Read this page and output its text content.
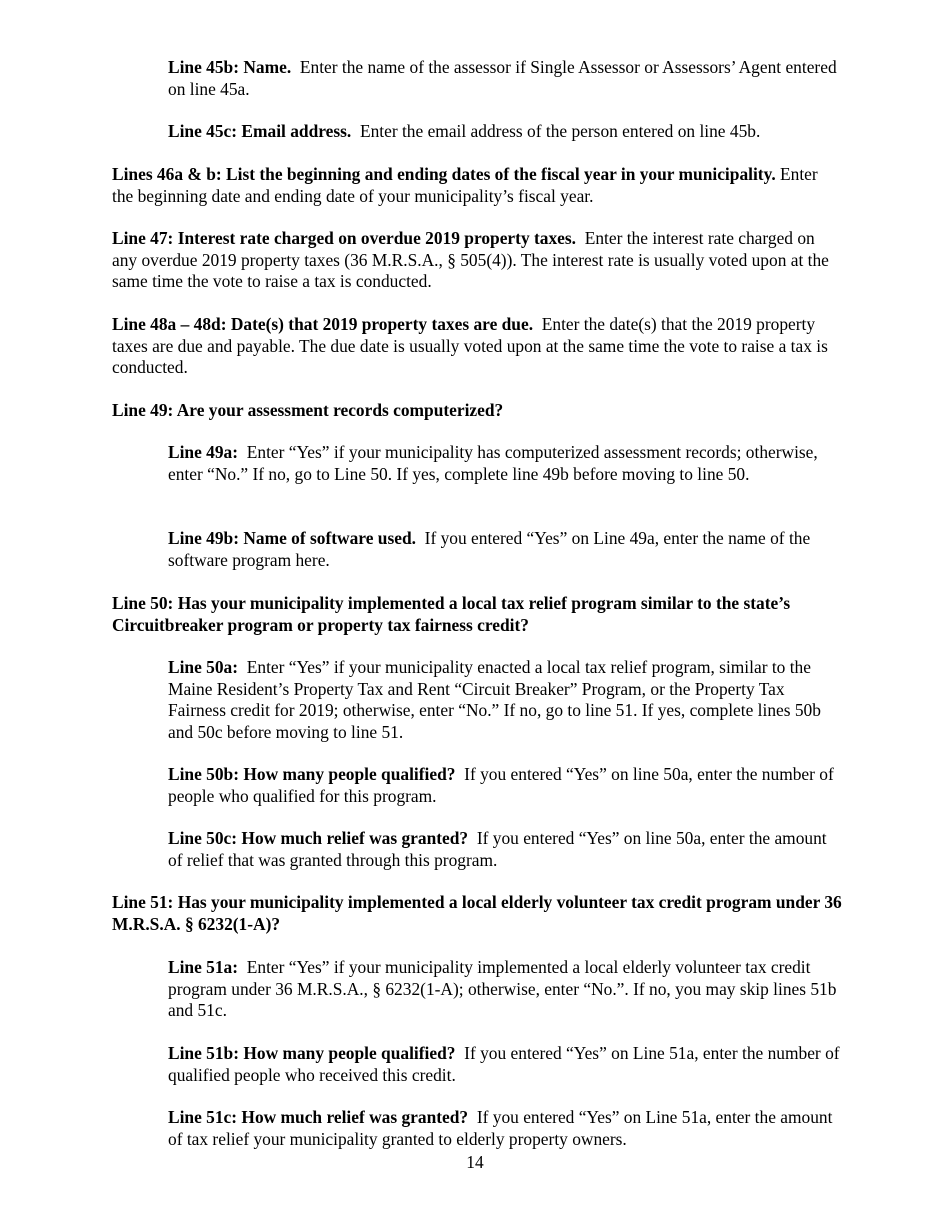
Line 45b: Name. Enter the name of the assessor if Single Assessor or Assessors’ Agent entered on line 45a.

Line 45c: Email address. Enter the email address of the person entered on line 45b.

Lines 46a & b: List the beginning and ending dates of the fiscal year in your municipality. Enter the beginning date and ending date of your municipality’s fiscal year.

Line 47: Interest rate charged on overdue 2019 property taxes. Enter the interest rate charged on any overdue 2019 property taxes (36 M.R.S.A., § 505(4)). The interest rate is usually voted upon at the same time the vote to raise a tax is conducted.

Line 48a – 48d: Date(s) that 2019 property taxes are due. Enter the date(s) that the 2019 property taxes are due and payable. The due date is usually voted upon at the same time the vote to raise a tax is conducted.

Line 49: Are your assessment records computerized?

Line 49a: Enter “Yes” if your municipality has computerized assessment records; otherwise, enter “No.” If no, go to Line 50. If yes, complete line 49b before moving to line 50.

Line 49b: Name of software used. If you entered “Yes” on Line 49a, enter the name of the software program here.

Line 50: Has your municipality implemented a local tax relief program similar to the state’s Circuitbreaker program or property tax fairness credit?

Line 50a: Enter “Yes” if your municipality enacted a local tax relief program, similar to the Maine Resident’s Property Tax and Rent “Circuit Breaker” Program, or the Property Tax Fairness credit for 2019; otherwise, enter “No.” If no, go to line 51. If yes, complete lines 50b and 50c before moving to line 51.

Line 50b: How many people qualified? If you entered “Yes” on line 50a, enter the number of people who qualified for this program.

Line 50c: How much relief was granted? If you entered “Yes” on line 50a, enter the amount of relief that was granted through this program.

Line 51: Has your municipality implemented a local elderly volunteer tax credit program under 36 M.R.S.A. § 6232(1-A)?

Line 51a: Enter “Yes” if your municipality implemented a local elderly volunteer tax credit program under 36 M.R.S.A., § 6232(1-A); otherwise, enter “No.”. If no, you may skip lines 51b and 51c.

Line 51b: How many people qualified? If you entered “Yes” on Line 51a, enter the number of qualified people who received this credit.

Line 51c: How much relief was granted? If you entered “Yes” on Line 51a, enter the amount of tax relief your municipality granted to elderly property owners.

14
